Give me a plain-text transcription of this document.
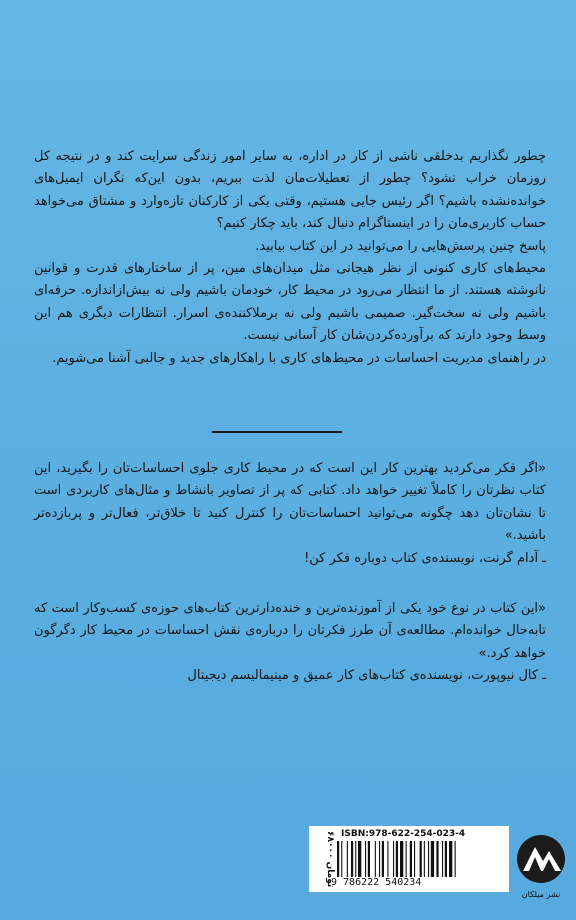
چطور نگذاریم بدخلقی ناشی از کار در اداره، به سایر امور زندگی سرایت کند و در نتیجه کل روزمان خراب نشود؟ چطور از تعطیلات‌مان لذت ببریم، بدون این‌که نگران ایمیل‌های خوانده‌نشده باشیم؟ اگر رئیس جایی هستیم، وقتی یکی از کارکنان تازه‌وارد و مشتاق می‌خواهد حساب کاربری‌مان را در اینستاگرام دنبال کند، باید چکار کنیم؟

پاسخ چنین پرسش‌هایی را می‌توانید در این کتاب بیابید.

محیط‌های کاری کنونی از نظر هیجانی مثل میدان‌های مین، پر از ساختارهای قدرت و قوانین نانوشته هستند. از ما انتظار می‌رود در محیط کار، خودمان باشیم ولی نه بیش‌از‌اندازه. حرفه‌ای باشیم ولی نه سخت‌گیر. صمیمی باشیم ولی نه برملاکننده‌ی اسرار. انتظارات دیگری هم این وسط وجود دارند که برآورده‌کردن‌شان کار آسانی نیست.

در راهنمای مدیریت احساسات در محیط‌های کاری با راهکارهای جدید و جالبی آشنا می‌شویم.

«اگر فکر می‌کردید بهترین کار این است که در محیط کاری جلوی احساسات‌تان را بگیرید، این کتاب نظرتان را کاملاً تغییر خواهد داد. کتابی که پر از تصاویر بانشاط و مثال‌های کاربردی است تا نشان‌تان دهد چگونه می‌توانید احساسات‌تان را کنترل کنید تا خلاق‌تر، فعال‌تر و پربازده‌تر باشید.»

ـ آدام گرنت، نویسنده‌ی کتاب دوباره فکر کن!

«این کتاب در نوع خود یکی از آموزنده‌ترین و خنده‌دارترین کتاب‌های حوزه‌ی کسب‌وکار است که تابه‌حال خوانده‌ام. مطالعه‌ی آن طرز فکرتان را درباره‌ی نقش احساسات در محیط کار دگرگون خواهد کرد.»

ـ کال نیوپورت، نویسنده‌ی کتاب‌های کار عمیق و مینیمالیسم دیجیتال

۶۸۰۰۰ تومان
ISBN:978-622-254-023-4
9 786222 540234
نشر میلکان
